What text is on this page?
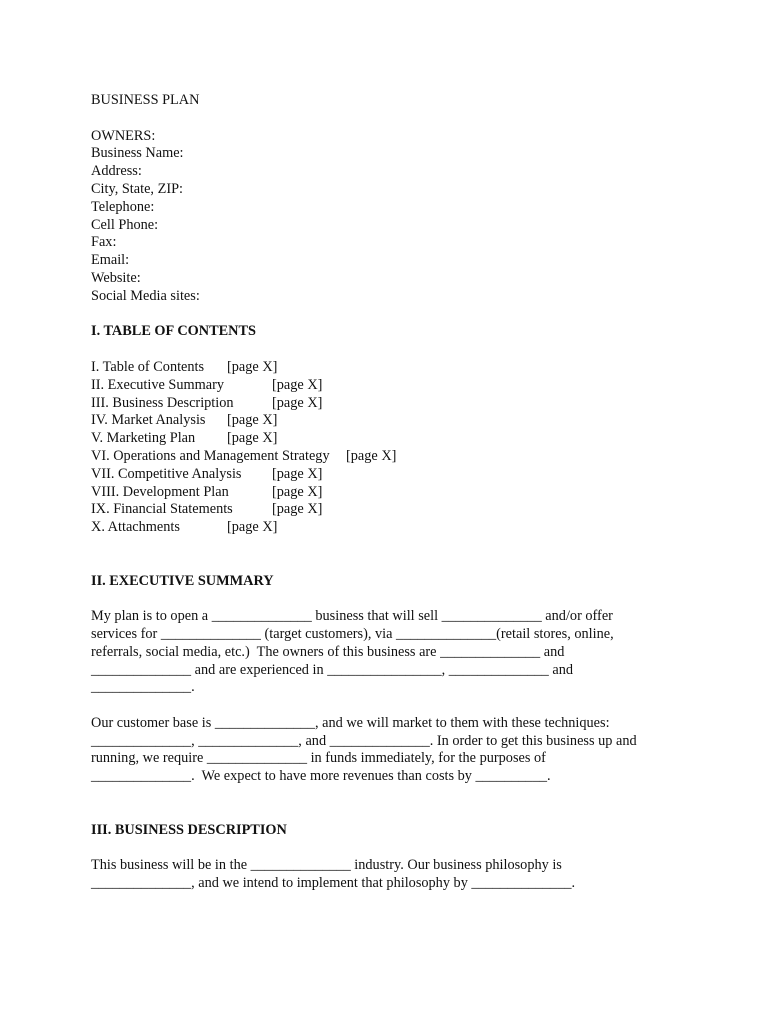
BUSINESS PLAN
OWNERS:
Business Name:
Address:
City, State, ZIP:
Telephone:
Cell Phone:
Fax:
Email:
Website:
Social Media sites:
I. TABLE OF CONTENTS
I. Table of Contents	[page X]
II. Executive Summary	[page X]
III. Business Description	[page X]
IV. Market Analysis	[page X]
V. Marketing Plan	[page X]
VI. Operations and Management Strategy	[page X]
VII. Competitive Analysis	[page X]
VIII. Development Plan	[page X]
IX. Financial Statements	[page X]
X. Attachments	[page X]
II. EXECUTIVE SUMMARY
My plan is to open a ______________ business that will sell ______________ and/or offer
services for ______________ (target customers), via ______________(retail stores, online,
referrals, social media, etc.)  The owners of this business are ______________ and
______________ and are experienced in ________________, ______________ and
______________.
Our customer base is ______________, and we will market to them with these techniques:
______________, ______________, and ______________. In order to get this business up and
running, we require ______________ in funds immediately, for the purposes of
______________.  We expect to have more revenues than costs by __________.
III. BUSINESS DESCRIPTION
This business will be in the ______________ industry. Our business philosophy is
______________, and we intend to implement that philosophy by ______________.
